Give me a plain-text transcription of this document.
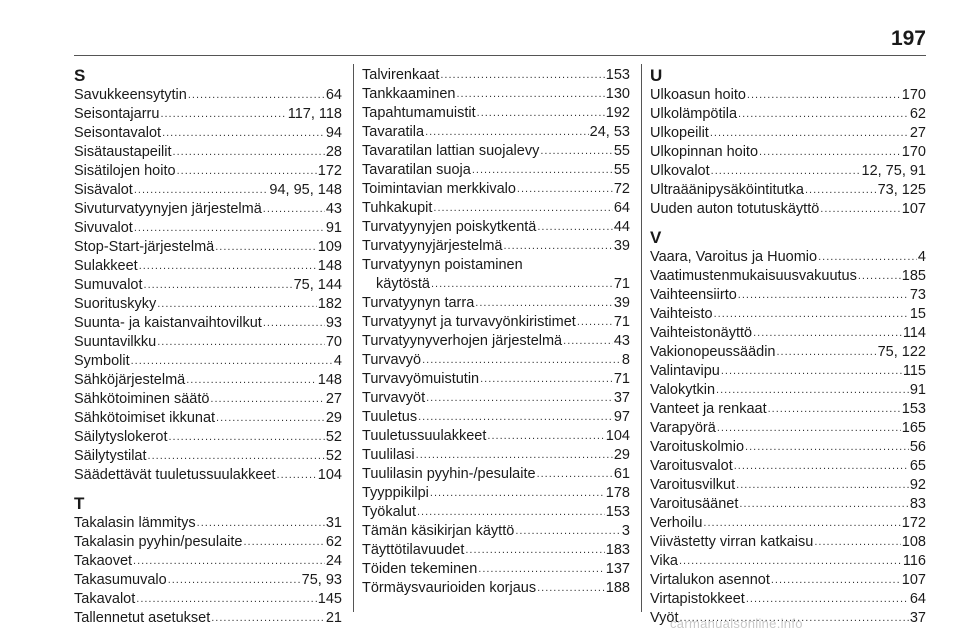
197
S
Savukkeensytytin .....	64
Seisontajarru .....	117, 118
Seisontavalot .....	94
Sisätaustapeilit .....	28
Sisätilojen hoito .....	172
Sisävalot .....	94, 95, 148
Sivuturvatyynyjen järjestelmä .....	43
Sivuvalot .....	91
Stop-Start-järjestelmä .....	109
Sulakkeet .....	148
Sumuvalot .....	75, 144
Suorituskyky .....	182
Suunta- ja kaistanvaihtovilkut .....	93
Suuntavilkku .....	70
Symbolit .....	4
Sähköjärjestelmä .....	148
Sähkötoiminen säätö .....	27
Sähkötoimiset ikkunat .....	29
Säilytyslokerot .....	52
Säilytystilat .....	52
Säädettävät tuuletussuulakkeet .....	104
T
Takalasin lämmitys .....	31
Takalasin pyyhin/pesulaite .....	62
Takaovet .....	24
Takasumuvalo .....	75, 93
Takavalot .....	145
Tallennetut asetukset .....	21
Talvirenkaat .....	153
Tankkaaminen .....	130
Tapahtumamuistit .....	192
Tavaratila .....	24, 53
Tavaratilan lattian suojalevy .....	55
Tavaratilan suoja .....	55
Toimintavian merkkivalo .....	72
Tuhkakupit .....	64
Turvatyynyjen poiskytkentä .....	44
Turvatyynyjärjestelmä .....	39
Turvatyynyn poistaminen
käytöstä .....	71
Turvatyynyn tarra .....	39
Turvatyynyt ja turvavyönkiristimet .....	71
Turvatyynyverhojen järjestelmä .....	43
Turvavyö .....	8
Turvavyömuistutin .....	71
Turvavyöt .....	37
Tuuletus .....	97
Tuuletussuulakkeet .....	104
Tuulilasi .....	29
Tuulilasin pyyhin-/pesulaite .....	61
Tyyppikilpi .....	178
Työkalut .....	153
Tämän käsikirjan käyttö .....	3
Täyttötilavuudet .....	183
Töiden tekeminen .....	137
Törmäysvaurioiden korjaus .....	188
U
Ulkoasun hoito .....	170
Ulkolämpötila .....	62
Ulkopeilit .....	27
Ulkopinnan hoito .....	170
Ulkovalot .....	12, 75, 91
Ultraäänipysäköintitutka .....	73, 125
Uuden auton totutuskäyttö .....	107
V
Vaara, Varoitus ja Huomio .....	4
Vaatimustenmukaisuusvakuutus .....	185
Vaihteensiirto .....	73
Vaihteisto .....	15
Vaihteistonäyttö .....	114
Vakionopeussäädin .....	75, 122
Valintavipu .....	115
Valokytkin .....	91
Vanteet ja renkaat .....	153
Varapyörä .....	165
Varoituskolmio .....	56
Varoitusvalot .....	65
Varoitusvilkut .....	92
Varoitusäänet .....	83
Verhoilu .....	172
Viivästetty virran katkaisu .....	108
Vika .....	116
Virtalukon asennot .....	107
Virtapistokkeet .....	64
Vyöt .....	37
carmanualsonline.info
